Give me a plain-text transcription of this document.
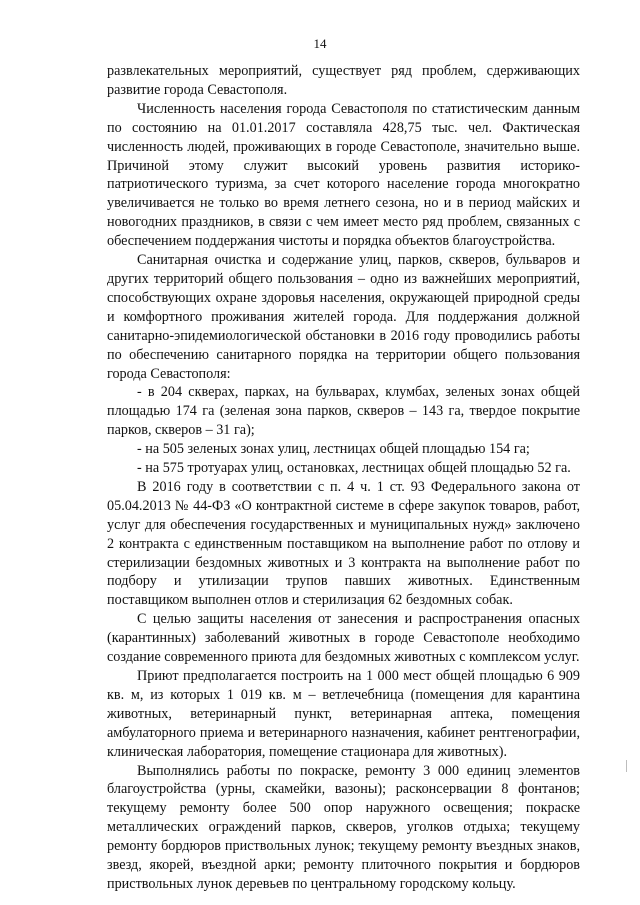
14

развлекательных мероприятий, существует ряд проблем, сдерживающих развитие города Севастополя.

Численность населения города Севастополя по статистическим данным по состоянию на 01.01.2017 составляла 428,75 тыс. чел. Фактическая численность людей, проживающих в городе Севастополе, значительно выше. Причиной этому служит высокий уровень развития историко-патриотического туризма, за счет которого население города многократно увеличивается не только во время летнего сезона, но и в период майских и новогодних праздников, в связи с чем имеет место ряд проблем, связанных с обеспечением поддержания чистоты и порядка объектов благоустройства.

Санитарная очистка и содержание улиц, парков, скверов, бульваров и других территорий общего пользования – одно из важнейших мероприятий, способствующих охране здоровья населения, окружающей природной среды и комфортного проживания жителей города. Для поддержания должной санитарно-эпидемиологической обстановки в 2016 году проводились работы по обеспечению санитарного порядка на территории общего пользования города Севастополя:

- в 204 скверах, парках, на бульварах, клумбах, зеленых зонах общей площадью 174 га (зеленая зона парков, скверов – 143 га, твердое покрытие парков, скверов – 31 га);

- на 505 зеленых зонах улиц, лестницах общей площадью 154 га;

- на 575 тротуарах улиц, остановках, лестницах общей площадью 52 га.

В 2016 году в соответствии с п. 4 ч. 1 ст. 93 Федерального закона от 05.04.2013 № 44-ФЗ «О контрактной системе в сфере закупок товаров, работ, услуг для обеспечения государственных и муниципальных нужд» заключено 2 контракта с единственным поставщиком на выполнение работ по отлову и стерилизации бездомных животных и 3 контракта на выполнение работ по подбору и утилизации трупов павших животных. Единственным поставщиком выполнен отлов и стерилизация 62 бездомных собак.

С целью защиты населения от занесения и распространения опасных (карантинных) заболеваний животных в городе Севастополе необходимо создание современного приюта для бездомных животных с комплексом услуг.

Приют предполагается построить на 1 000 мест общей площадью 6 909 кв. м, из которых 1 019 кв. м – ветлечебница (помещения для карантина животных, ветеринарный пункт, ветеринарная аптека, помещения амбулаторного приема и ветеринарного назначения, кабинет рентгенографии, клиническая лаборатория, помещение стационара для животных).

Выполнялись работы по покраске, ремонту 3 000 единиц элементов благоустройства (урны, скамейки, вазоны); расконсервации 8 фонтанов; текущему ремонту более 500 опор наружного освещения; покраске металлических ограждений парков, скверов, уголков отдыха; текущему ремонту бордюров приствольных лунок; текущему ремонту въездных знаков, звезд, якорей, въездной арки; ремонту плиточного покрытия и бордюров приствольных лунок деревьев по центральному городскому кольцу.
